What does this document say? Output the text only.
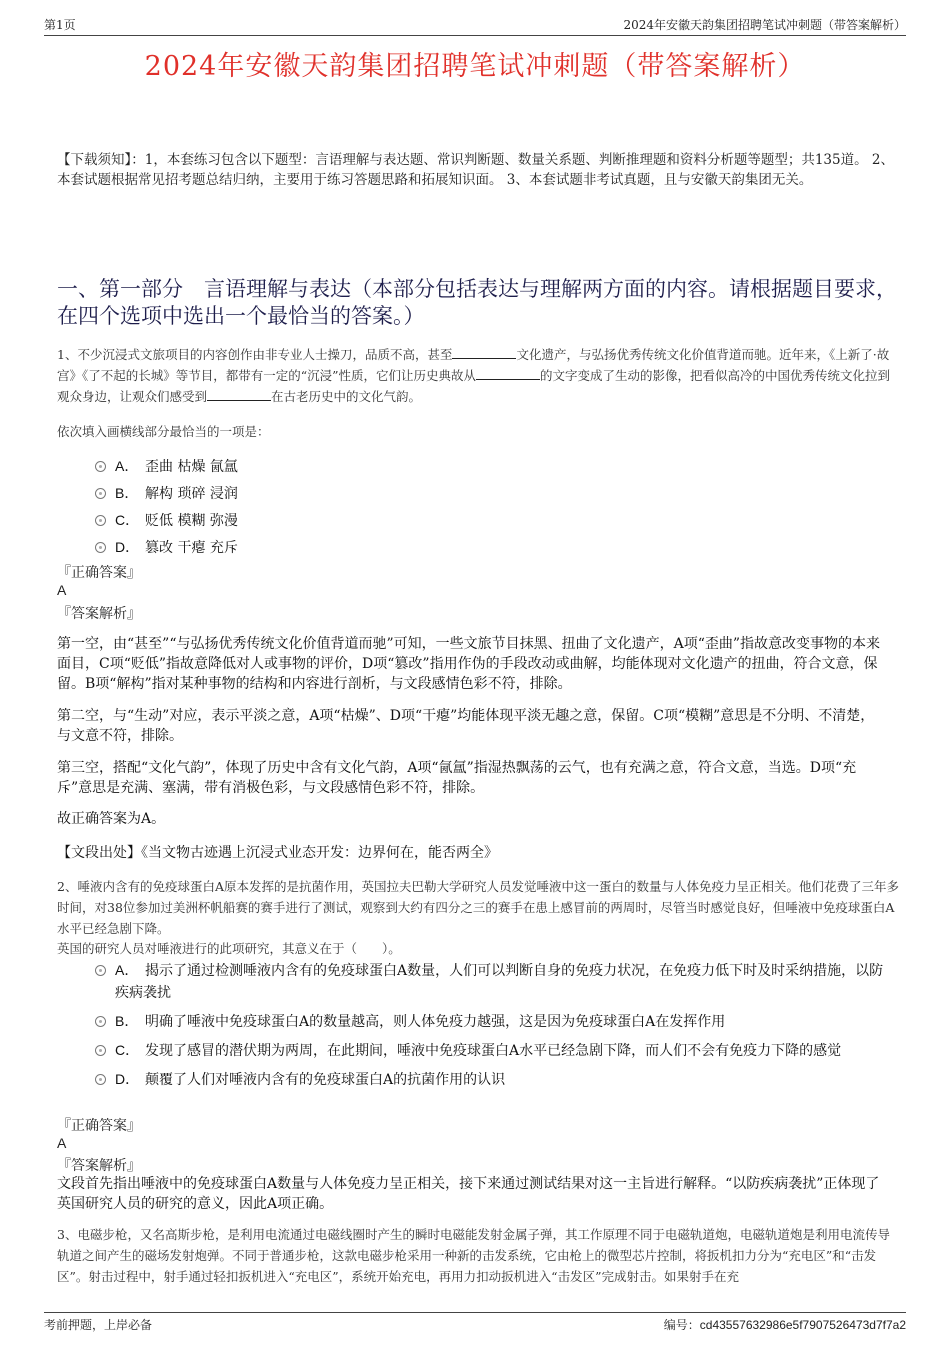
第1页	2024年安徽天韵集团招聘笔试冲刺题（带答案解析）
2024年安徽天韵集团招聘笔试冲刺题（带答案解析）
【下载须知】：1，本套练习包含以下题型：言语理解与表达题、常识判断题、数量关系题、判断推理题和资料分析题等题型；共135道。 2、本套试题根据常见招考题总结归纳，主要用于练习答题思路和拓展知识面。 3、本套试题非考试真题，且与安徽天韵集团无关。
一、第一部分　言语理解与表达（本部分包括表达与理解两方面的内容。请根据题目要求，在四个选项中选出一个最恰当的答案。）
1、不少沉浸式文旅项目的内容创作由非专业人士操刀，品质不高，甚至	文化遗产，与弘扬优秀传统文化价值背道而驰。近年来，《上新了·故宫》《了不起的长城》等节目，都带有一定的“沉浸”性质，它们让历史典故从	的文字变成了生动的影像，把看似高冷的中国优秀传统文化拉到观众身边，让观众们感受到	在古老历史中的文化气韵。
依次填入画横线部分最恰当的一项是：
A． 歪曲 枯燥 氤氲
B． 解构 琐碎 浸润
C． 贬低 模糊 弥漫
D． 篡改 干瘪 充斥
『正确答案』
A
『答案解析』
第一空，由“甚至”“与弘扬优秀传统文化价值背道而驰”可知，一些文旅节目抹黑、扭曲了文化遗产，A项“歪曲”指故意改变事物的本来面目，C项“贬低”指故意降低对人或事物的评价，D项“篡改”指用作伪的手段改动或曲解，均能体现对文化遗产的扭曲，符合文意，保留。B项“解构”指对某种事物的结构和内容进行剖析，与文段感情色彩不符，排除。
第二空，与“生动”对应，表示平淡之意，A项“枯燥”、D项“干瘪”均能体现平淡无趣之意，保留。C项“模糊”意思是不分明、不清楚，与文意不符，排除。
第三空，搭配“文化气韵”，体现了历史中含有文化气韵，A项“氤氲”指湿热飘荡的云气，也有充满之意，符合文意，当选。D项“充斥”意思是充满、塞满，带有消极色彩，与文段感情色彩不符，排除。
故正确答案为A。
【文段出处】《当文物古迹遇上沉浸式业态开发：边界何在，能否两全》
2、唾液内含有的免疫球蛋白A原本发挥的是抗菌作用，英国拉夫巴勒大学研究人员发觉唾液中这一蛋白的数量与人体免疫力呈正相关。他们花费了三年多时间，对38位参加过美洲杯帆船赛的赛手进行了测试，观察到大约有四分之三的赛手在患上感冒前的两周时，尽管当时感觉良好，但唾液中免疫球蛋白A水平已经急剧下降。
英国的研究人员对唾液进行的此项研究，其意义在于（　　）。
A． 揭示了通过检测唾液内含有的免疫球蛋白A数量，人们可以判断自身的免疫力状况，在免疫力低下时及时采纳措施，以防疾病袭扰
B． 明确了唾液中免疫球蛋白A的数量越高，则人体免疫力越强，这是因为免疫球蛋白A在发挥作用
C． 发现了感冒的潜伏期为两周，在此期间，唾液中免疫球蛋白A水平已经急剧下降，而人们不会有免疫力下降的感觉
D． 颠覆了人们对唾液内含有的免疫球蛋白A的抗菌作用的认识
『正确答案』
A
『答案解析』
文段首先指出唾液中的免疫球蛋白A数量与人体免疫力呈正相关，接下来通过测试结果对这一主旨进行解释。“以防疾病袭扰”正体现了英国研究人员的研究的意义，因此A项正确。
3、电磁步枪，又名高斯步枪，是利用电流通过电磁线圈时产生的瞬时电磁能发射金属子弹，其工作原理不同于电磁轨道炮，电磁轨道炮是利用电流传导轨道之间产生的磁场发射炮弹。不同于普通步枪，这款电磁步枪采用一种新的击发系统，它由枪上的微型芯片控制，将扳机扣力分为“充电区”和“击发区”。射击过程中，射手通过轻扣扳机进入“充电区”，系统开始充电，再用力扣动扳机进入“击发区”完成射击。如果射手在充
考前押题，上岸必备	编号：cd43557632986e5f7907526473d7f7a2
